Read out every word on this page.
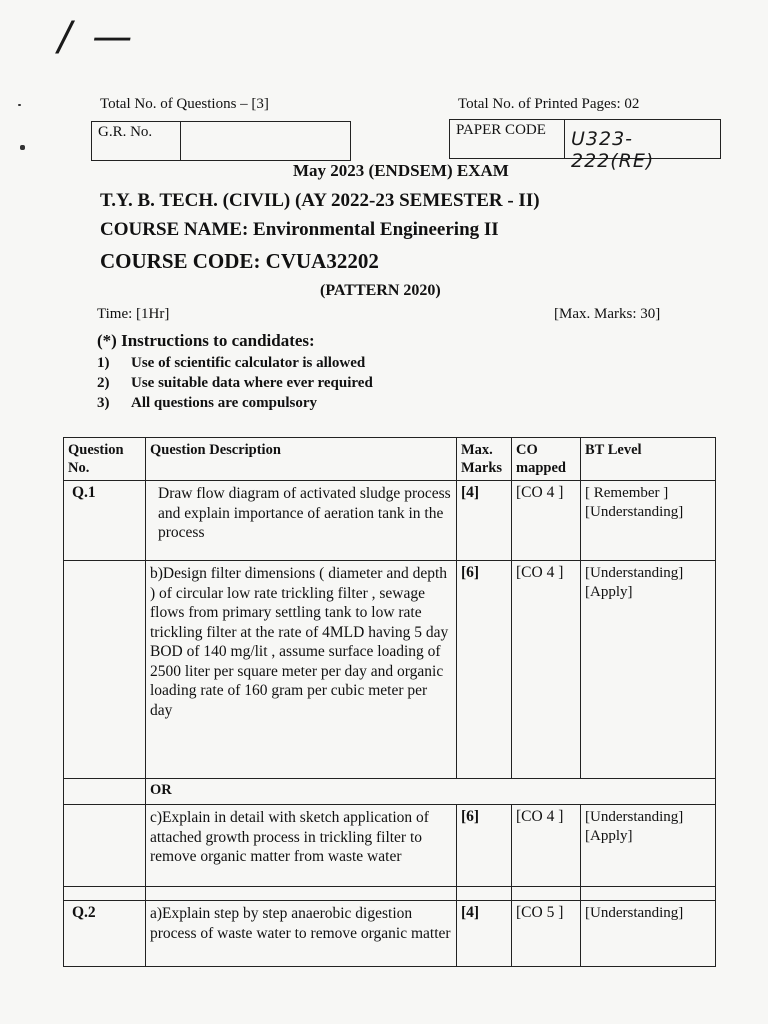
/ —
Total No. of Questions – [3]	Total No. of Printed Pages: 02
G.R. No.	PAPER CODE	U323-222(RE)
May 2023 (ENDSEM) EXAM
T.Y. B. TECH. (CIVIL) (AY 2022-23 SEMESTER - II)
COURSE NAME: Environmental Engineering II
COURSE CODE: CVUA32202
(PATTERN 2020)
Time: [1Hr]	[Max. Marks: 30]
(*) Instructions to candidates:
1) Use of scientific calculator is allowed
2) Use suitable data where ever required
3) All questions are compulsory
Question No.	Question Description	Max. Marks	CO mapped	BT Level
Q.1	Draw flow diagram of activated sludge process and explain importance of aeration tank in the process	[4]	[CO 4 ]	[ Remember ]
[Understanding]

	b)Design filter dimensions ( diameter and depth ) of circular low rate trickling filter , sewage flows from primary settling tank to low rate trickling filter at the rate of 4MLD having 5 day BOD of 140 mg/lit , assume surface loading of 2500 liter per square meter per day and organic loading rate of 160 gram per cubic meter per day	[6]	[CO 4 ]	[Understanding]
[Apply]

	OR			
	c)Explain in detail with sketch application of attached growth process in trickling filter to remove organic matter from waste water	[6]	[CO 4 ]	[Understanding]
[Apply]

Q.2	a)Explain step by step anaerobic digestion process of waste water to remove organic matter	[4]	[CO 5 ]	[Understanding]
